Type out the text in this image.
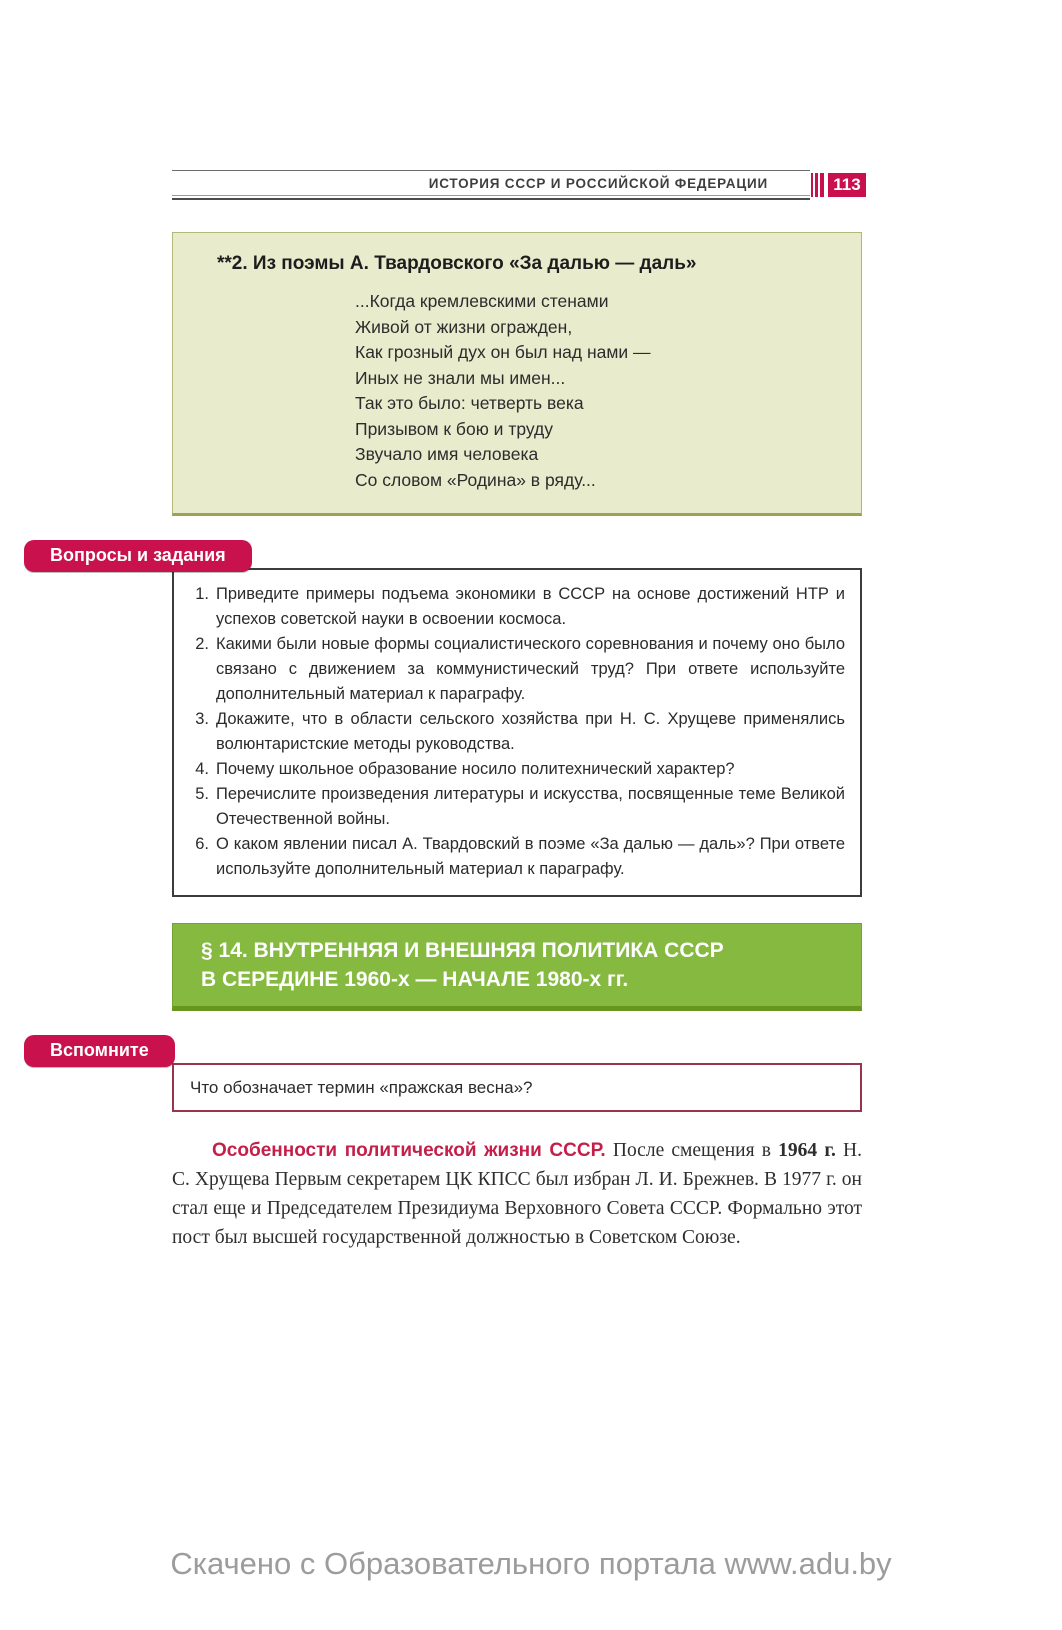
ИСТОРИЯ СССР И РОССИЙСКОЙ ФЕДЕРАЦИИ	113
**2. Из поэмы А. Твардовского «За далью — даль»
...Когда кремлевскими стенами
Живой от жизни огражден,
Как грозный дух он был над нами —
Иных не знали мы имен...
Так это было: четверть века
Призывом к бою и труду
Звучало имя человека
Со словом «Родина» в ряду...
Вопросы и задания
1. Приведите примеры подъема экономики в СССР на основе достижений НТР и успехов советской науки в освоении космоса.
2. Какими были новые формы социалистического соревнования и почему оно было связано с движением за коммунистический труд? При ответе используйте дополнительный материал к параграфу.
3. Докажите, что в области сельского хозяйства при Н. С. Хрущеве применялись волюнтаристские методы руководства.
4. Почему школьное образование носило политехнический характер?
5. Перечислите произведения литературы и искусства, посвященные теме Великой Отечественной войны.
6. О каком явлении писал А. Твардовский в поэме «За далью — даль»? При ответе используйте дополнительный материал к параграфу.
§ 14. ВНУТРЕННЯЯ И ВНЕШНЯЯ ПОЛИТИКА СССР
В СЕРЕДИНЕ 1960-х — НАЧАЛЕ 1980-х гг.
Вспомните
Что обозначает термин «пражская весна»?

Особенности политической жизни СССР. После смещения в 1964 г. Н. С. Хрущева Первым секретарем ЦК КПСС был избран Л. И. Брежнев. В 1977 г. он стал еще и Председателем Президиума Верховного Совета СССР. Формально этот пост был высшей государственной должностью в Советском Союзе.

Скачено с Образовательного портала www.adu.by
